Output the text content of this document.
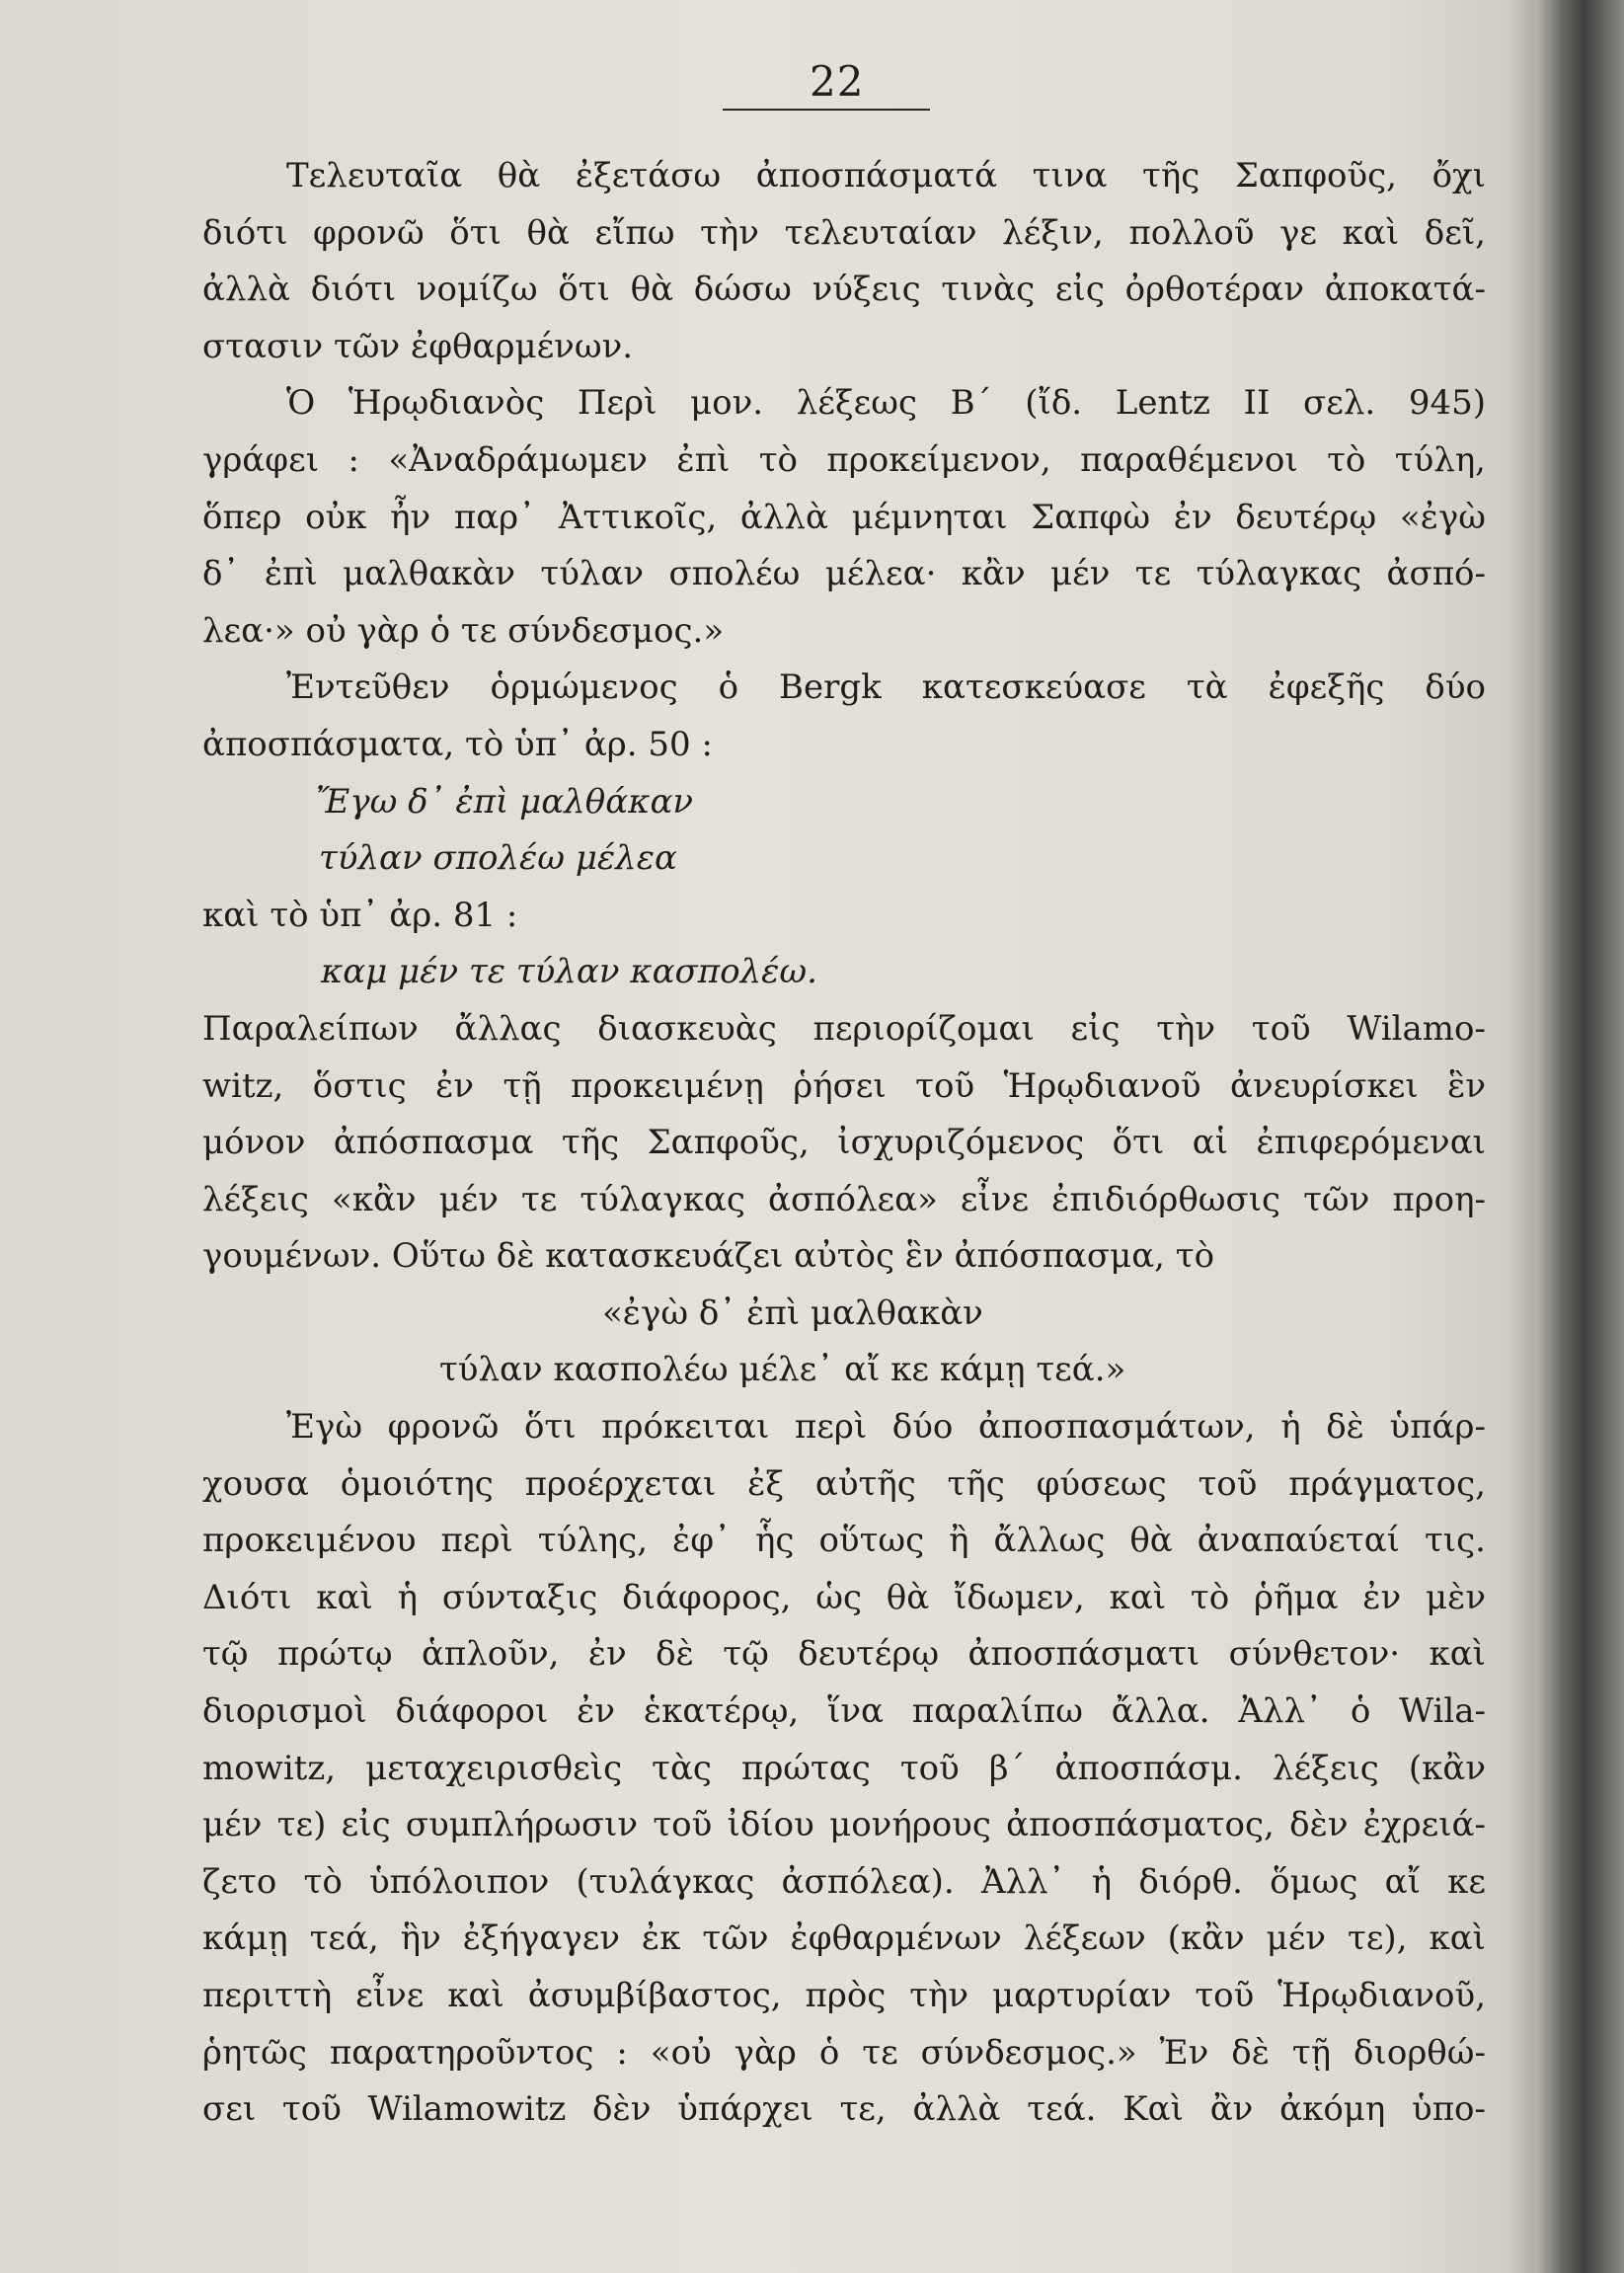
22
Τελευταῖα θὰ ἐξετάσω ἀποσπάσματά τινα τῆς Σαπφοῦς, ὄχι
διότι φρονῶ ὅτι θὰ εἴπω τὴν τελευταίαν λέξιν, πολλοῦ γε καὶ δεῖ,
ἀλλὰ διότι νομίζω ὅτι θὰ δώσω νύξεις τινὰς εἰς ὀρθοτέραν ἀποκατά-
στασιν τῶν ἐφθαρμένων.
Ὁ Ἡρῳδιανὸς Περὶ μον. λέξεως Β´ (ἴδ. Lentz II σελ. 945)
γράφει : «Ἀναδράμωμεν ἐπὶ τὸ προκείμενον, παραθέμενοι τὸ τύλη,
ὅπερ οὐκ ἦν παρ᾽ Ἀττικοῖς, ἀλλὰ μέμνηται Σαπφὼ ἐν δευτέρῳ «ἐγὼ
δ᾽ ἐπὶ μαλθακὰν τύλαν σπολέω μέλεα· κἂν μέν τε τύλαγκας ἀσπό-
λεα·» οὐ γὰρ ὁ τε σύνδεσμος.»
Ἐντεῦθεν ὁρμώμενος ὁ Bergk κατεσκεύασε τὰ ἐφεξῆς δύο
ἀποσπάσματα, τὸ ὑπ᾽ ἀρ. 50 :
Ἔγω δ᾽ ἐπὶ μαλθάκαν
τύλαν σπολέω μέλεα
καὶ τὸ ὑπ᾽ ἀρ. 81 :
καμ μέν τε τύλαν κασπολέω.
Παραλείπων ἄλλας διασκευὰς περιορίζομαι εἰς τὴν τοῦ Wilamo-
witz, ὅστις ἐν τῇ προκειμένῃ ῥήσει τοῦ Ἡρῳδιανοῦ ἀνευρίσκει ἓν
μόνον ἀπόσπασμα τῆς Σαπφοῦς, ἰσχυριζόμενος ὅτι αἱ ἐπιφερόμεναι
λέξεις «κἂν μέν τε τύλαγκας ἀσπόλεα» εἶνε ἐπιδιόρθωσις τῶν προη-
γουμένων. Οὕτω δὲ κατασκευάζει αὐτὸς ἓν ἀπόσπασμα, τὸ
«ἐγὼ δ᾽ ἐπὶ μαλθακὰν
τύλαν κασπολέω μέλε᾽ αἴ κε κάμῃ τεά.»
Ἐγὼ φρονῶ ὅτι πρόκειται περὶ δύο ἀποσπασμάτων, ἡ δὲ ὑπάρ-
χουσα ὁμοιότης προέρχεται ἐξ αὐτῆς τῆς φύσεως τοῦ πράγματος,
προκειμένου περὶ τύλης, ἐφ᾽ ἧς οὕτως ἢ ἄλλως θὰ ἀναπαύεταί τις.
Διότι καὶ ἡ σύνταξις διάφορος, ὡς θὰ ἴδωμεν, καὶ τὸ ῥῆμα ἐν μὲν
τῷ πρώτῳ ἁπλοῦν, ἐν δὲ τῷ δευτέρῳ ἀποσπάσματι σύνθετον· καὶ
διορισμοὶ διάφοροι ἐν ἑκατέρῳ, ἵνα παραλίπω ἄλλα. Ἀλλ᾽ ὁ Wila-
mowitz, μεταχειρισθεὶς τὰς πρώτας τοῦ β´ ἀποσπάσμ. λέξεις (κἂν
μέν τε) εἰς συμπλήρωσιν τοῦ ἰδίου μονήρους ἀποσπάσματος, δὲν ἐχρειά-
ζετο τὸ ὑπόλοιπον (τυλάγκας ἀσπόλεα). Ἀλλ᾽ ἡ διόρθ. ὅμως αἴ κε
κάμῃ τεά, ἣν ἐξήγαγεν ἐκ τῶν ἐφθαρμένων λέξεων (κἂν μέν τε), καὶ
περιττὴ εἶνε καὶ ἀσυμβίβαστος, πρὸς τὴν μαρτυρίαν τοῦ Ἡρῳδιανοῦ,
ῥητῶς παρατηροῦντος : «οὐ γὰρ ὁ τε σύνδεσμος.» Ἐν δὲ τῇ διορθώ-
σει τοῦ Wilamowitz δὲν ὑπάρχει τε, ἀλλὰ τεά. Καὶ ἂν ἀκόμη ὑπο-
